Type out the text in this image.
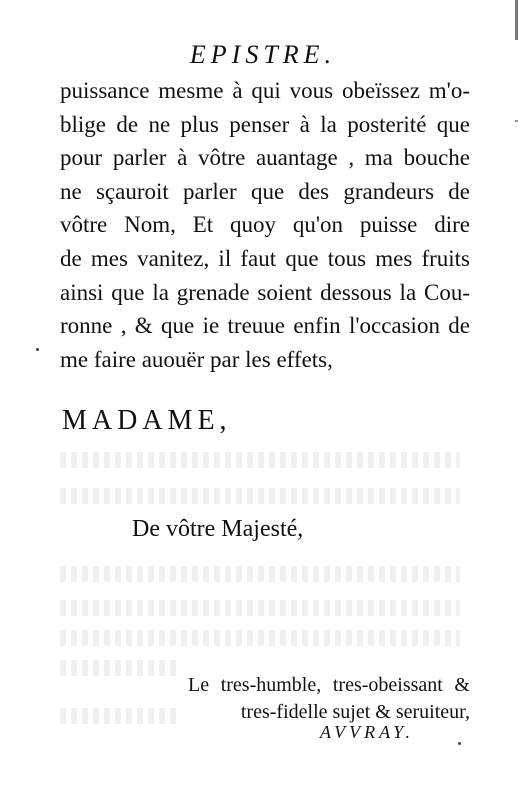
EPISTRE.
puissance mesme à qui vous obeïssez m'o-
blige de ne plus penser à la posterité que
pour parler à vôtre auantage , ma bouche
ne sçauroit parler que des grandeurs de
vôtre Nom, Et quoy qu'on puisse dire
de mes vanitez, il faut que tous mes fruits
ainsi que la grenade soient dessous la Cou-
ronne , & que ie treuue enfin l'occasion de
me faire auouër par les effets,
MADAME,
De vôtre Majesté,
Le tres-humble, tres-obeissant &
tres-fidelle sujet & seruiteur,
AVVRAY.
